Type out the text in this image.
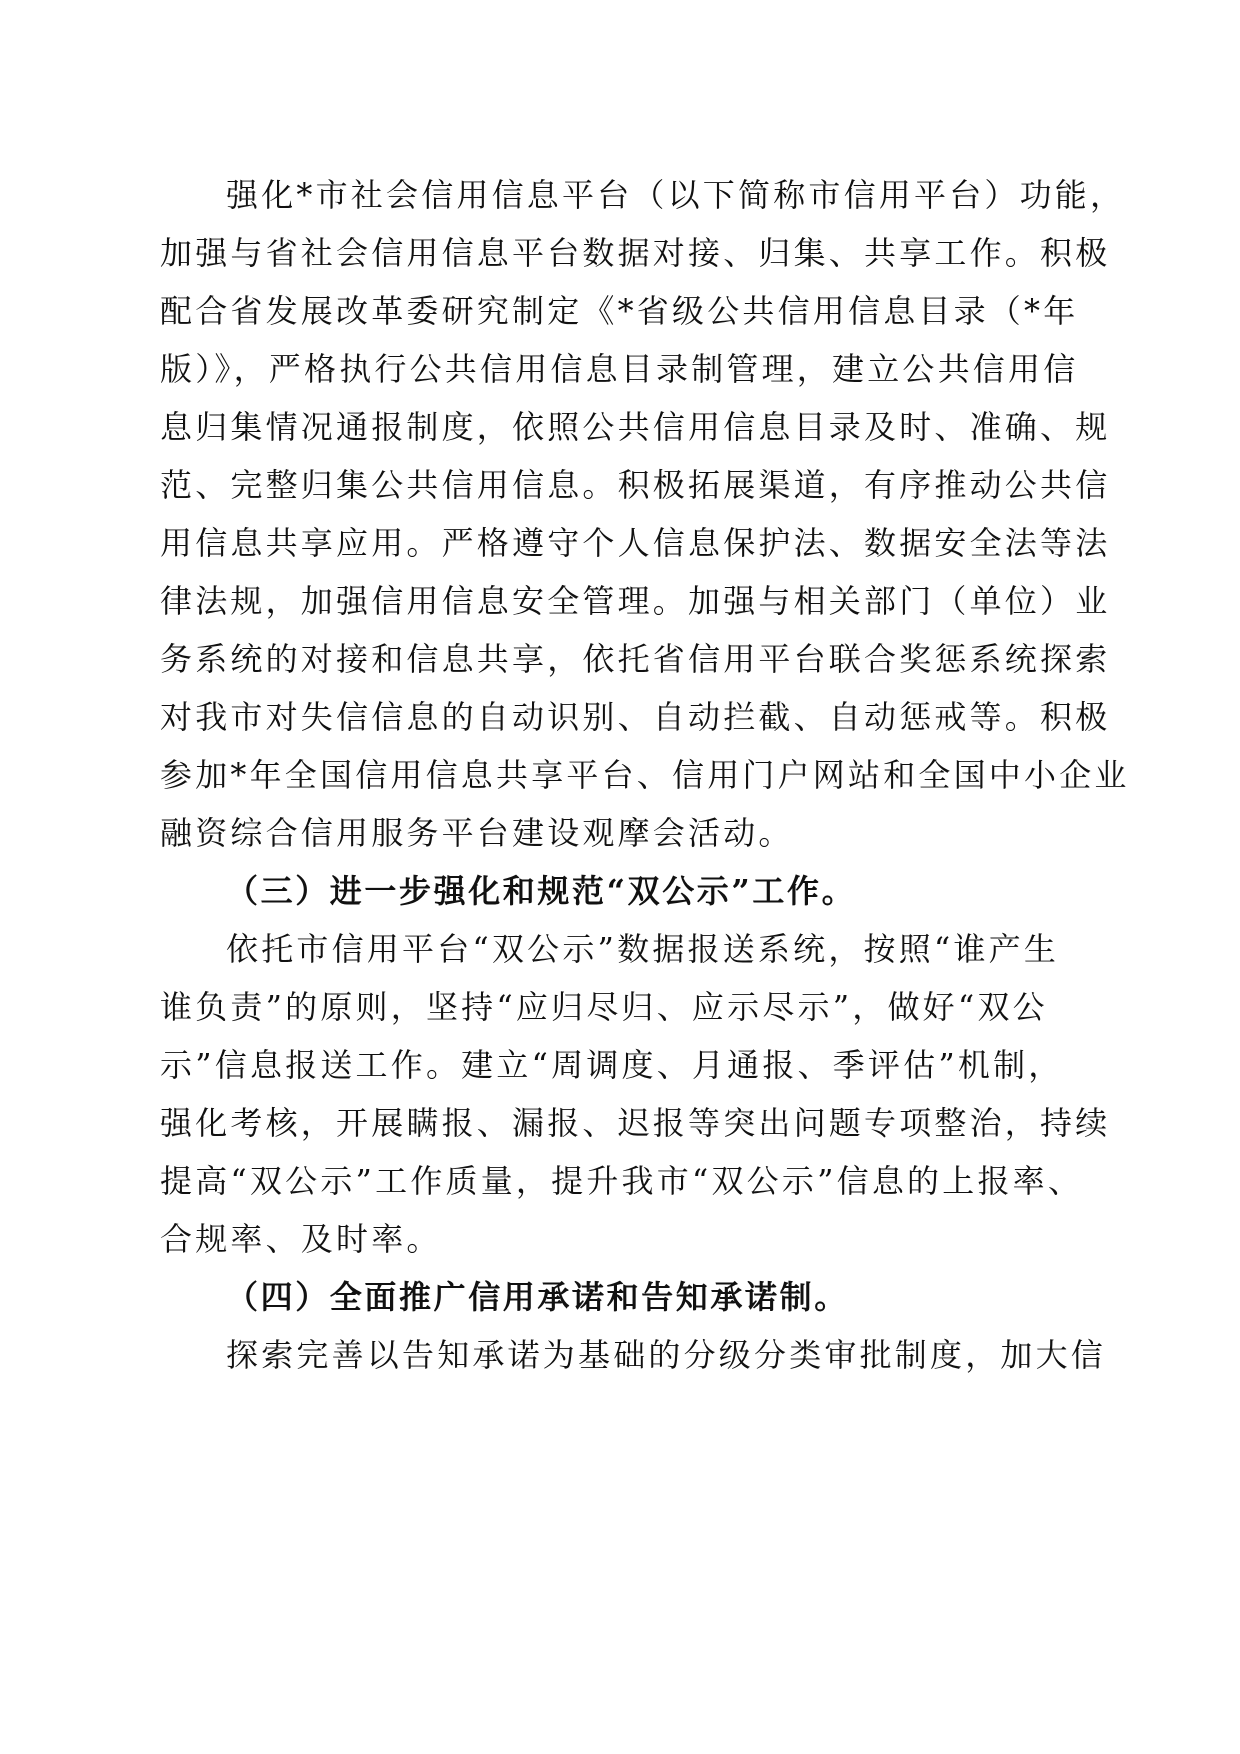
强化*市社会信用信息平台（以下简称市信用平台）功能，
加强与省社会信用信息平台数据对接、归集、共享工作。积极
配合省发展改革委研究制定《*省级公共信用信息目录（*年
版）》，严格执行公共信用信息目录制管理，建立公共信用信
息归集情况通报制度，依照公共信用信息目录及时、准确、规
范、完整归集公共信用信息。积极拓展渠道，有序推动公共信
用信息共享应用。严格遵守个人信息保护法、数据安全法等法
律法规，加强信用信息安全管理。加强与相关部门（单位）业
务系统的对接和信息共享，依托省信用平台联合奖惩系统探索
对我市对失信信息的自动识别、自动拦截、自动惩戒等。积极
参加*年全国信用信息共享平台、信用门户网站和全国中小企业
融资综合信用服务平台建设观摩会活动。
（三）进一步强化和规范“双公示”工作。
依托市信用平台“双公示”数据报送系统，按照“谁产生
谁负责”的原则，坚持“应归尽归、应示尽示”，做好“双公
示”信息报送工作。建立“周调度、月通报、季评估”机制，
强化考核，开展瞒报、漏报、迟报等突出问题专项整治，持续
提高“双公示”工作质量，提升我市“双公示”信息的上报率、
合规率、及时率。
（四）全面推广信用承诺和告知承诺制。
探索完善以告知承诺为基础的分级分类审批制度，加大信
